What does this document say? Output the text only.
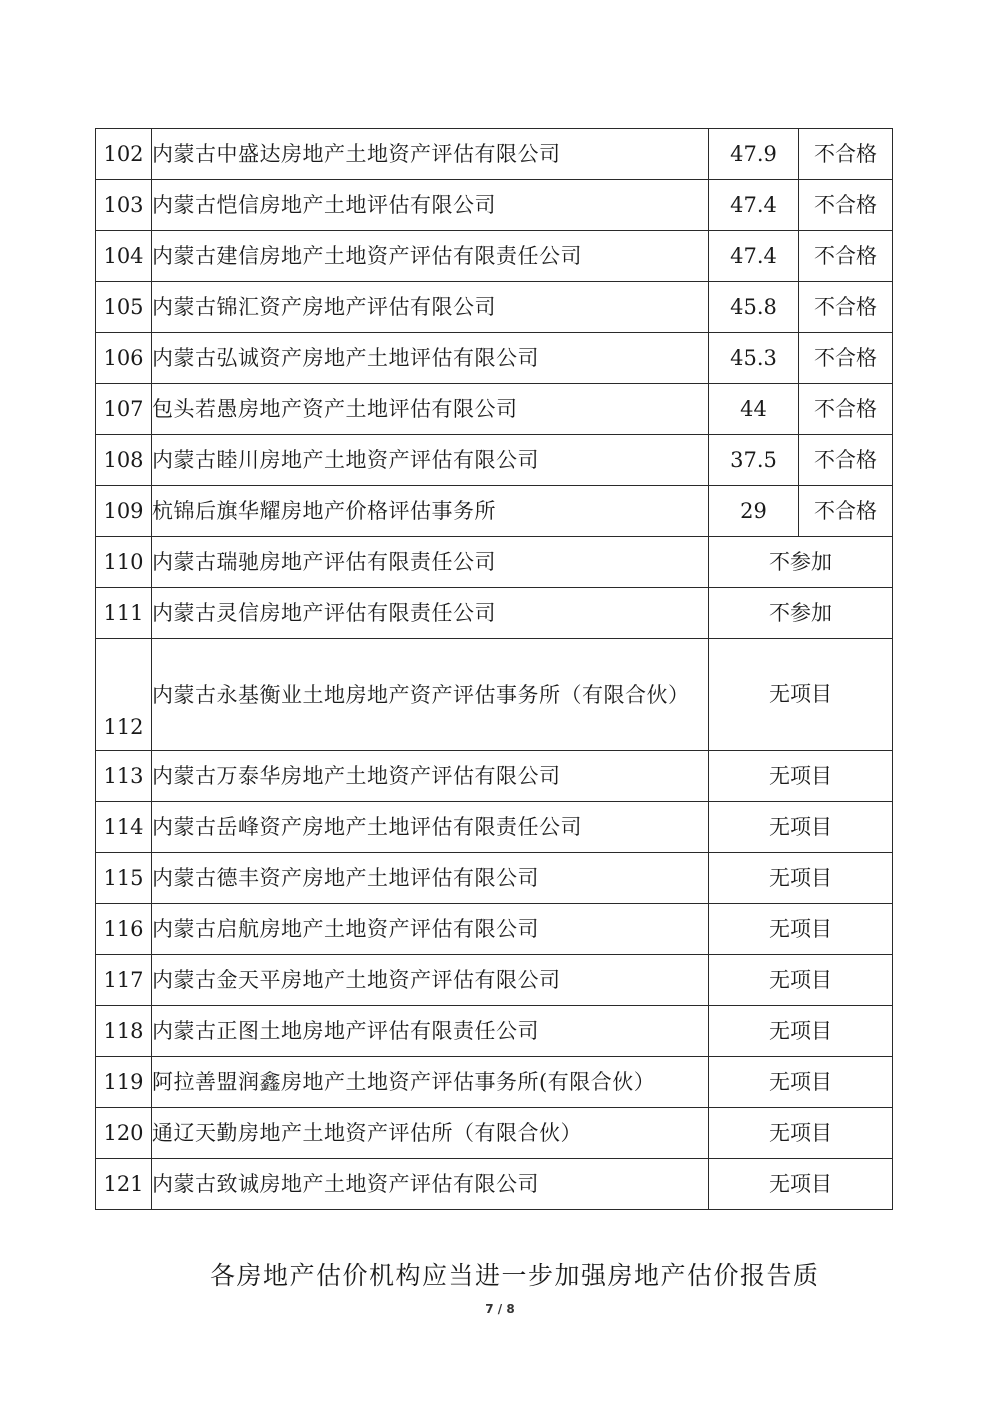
102	内蒙古中盛达房地产土地资产评估有限公司	47.9	不合格
103	内蒙古恺信房地产土地评估有限公司	47.4	不合格
104	内蒙古建信房地产土地资产评估有限责任公司	47.4	不合格
105	内蒙古锦汇资产房地产评估有限公司	45.8	不合格
106	内蒙古弘诚资产房地产土地评估有限公司	45.3	不合格
107	包头若愚房地产资产土地评估有限公司	44	不合格
108	内蒙古睦川房地产土地资产评估有限公司	37.5	不合格
109	杭锦后旗华耀房地产价格评估事务所	29	不合格
110	内蒙古瑞驰房地产评估有限责任公司	不参加	
111	内蒙古灵信房地产评估有限责任公司	不参加	
112	内蒙古永基衡业土地房地产资产评估事务所（有限合伙）	无项目	
113	内蒙古万泰华房地产土地资产评估有限公司	无项目	
114	内蒙古岳峰资产房地产土地评估有限责任公司	无项目	
115	内蒙古德丰资产房地产土地评估有限公司	无项目	
116	内蒙古启航房地产土地资产评估有限公司	无项目	
117	内蒙古金天平房地产土地资产评估有限公司	无项目	
118	内蒙古正图土地房地产评估有限责任公司	无项目	
119	阿拉善盟润鑫房地产土地资产评估事务所(有限合伙）	无项目	
120	通辽天勤房地产土地资产评估所（有限合伙）	无项目	
121	内蒙古致诚房地产土地资产评估有限公司	无项目	
各房地产估价机构应当进一步加强房地产估价报告质
7 / 8
